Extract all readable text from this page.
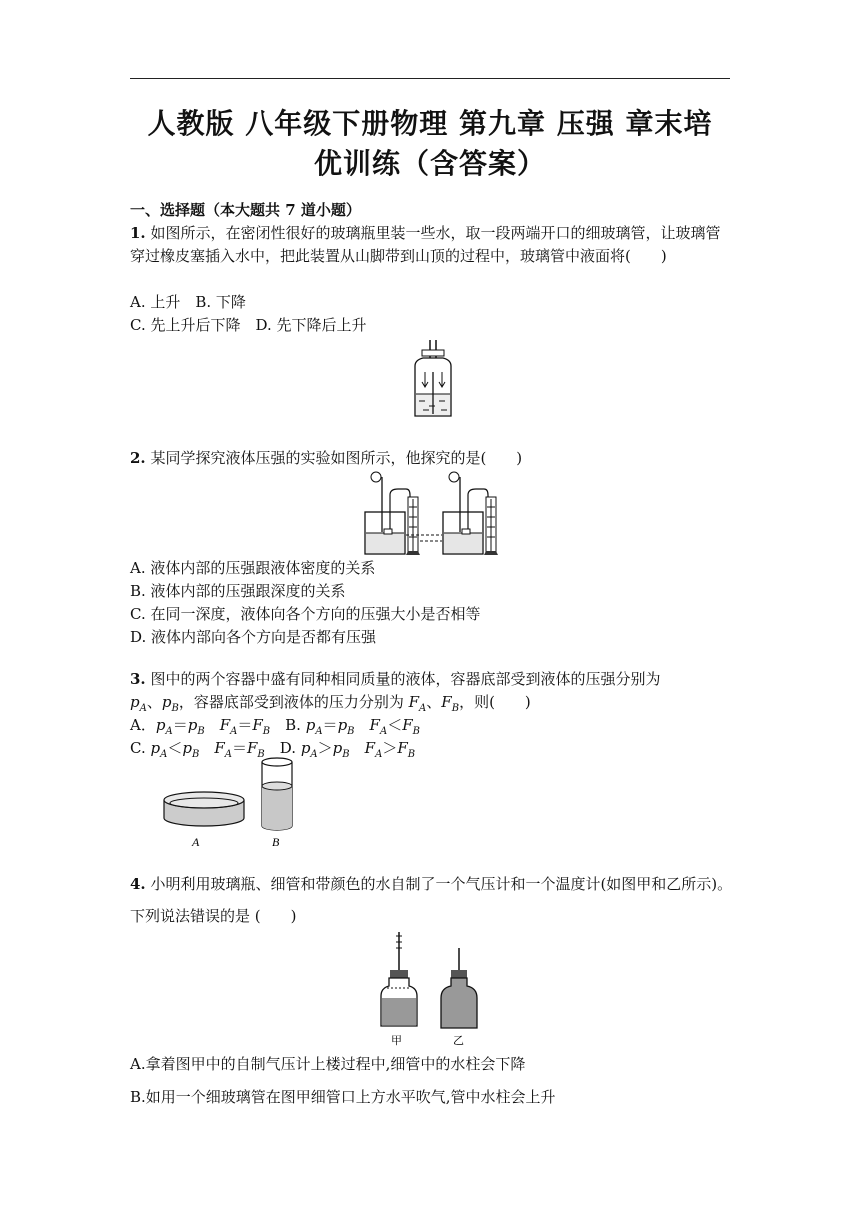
人教版 八年级下册物理 第九章 压强 章末培
优训练（含答案）
一、选择题（本大题共 7 道小题）
1. 如图所示，在密闭性很好的玻璃瓶里装一些水，取一段两端开口的细玻璃管，让玻璃管穿过橡皮塞插入水中，把此装置从山脚带到山顶的过程中，玻璃管中液面将(　　)
A. 上升　B. 下降
C. 先上升后下降　D. 先下降后上升
2. 某同学探究液体压强的实验如图所示，他探究的是(　　)
A. 液体内部的压强跟液体密度的关系
B. 液体内部的压强跟深度的关系
C. 在同一深度，液体向各个方向的压强大小是否相等
D. 液体内部向各个方向是否都有压强
3. 图中的两个容器中盛有同种相同质量的液体，容器底部受到液体的压强分别为
$p_A$、$p_B$，容器底部受到液体的压力分别为 $F_A$、$F_B$，则(　　)
A．$p_A=p_B$　 $F_A=F_B$　B. $p_A=p_B$　 $F_A<F_B$
C. $p_A<p_B$　 $F_A=F_B$　D. $p_A>p_B$　 $F_A>F_B$
A	B
4. 小明利用玻璃瓶、细管和带颜色的水自制了一个气压计和一个温度计(如图甲和乙所示)。下列说法错误的是 (　　)
甲	乙
A.拿着图甲中的自制气压计上楼过程中,细管中的水柱会下降
B.如用一个细玻璃管在图甲细管口上方水平吹气,管中水柱会上升
